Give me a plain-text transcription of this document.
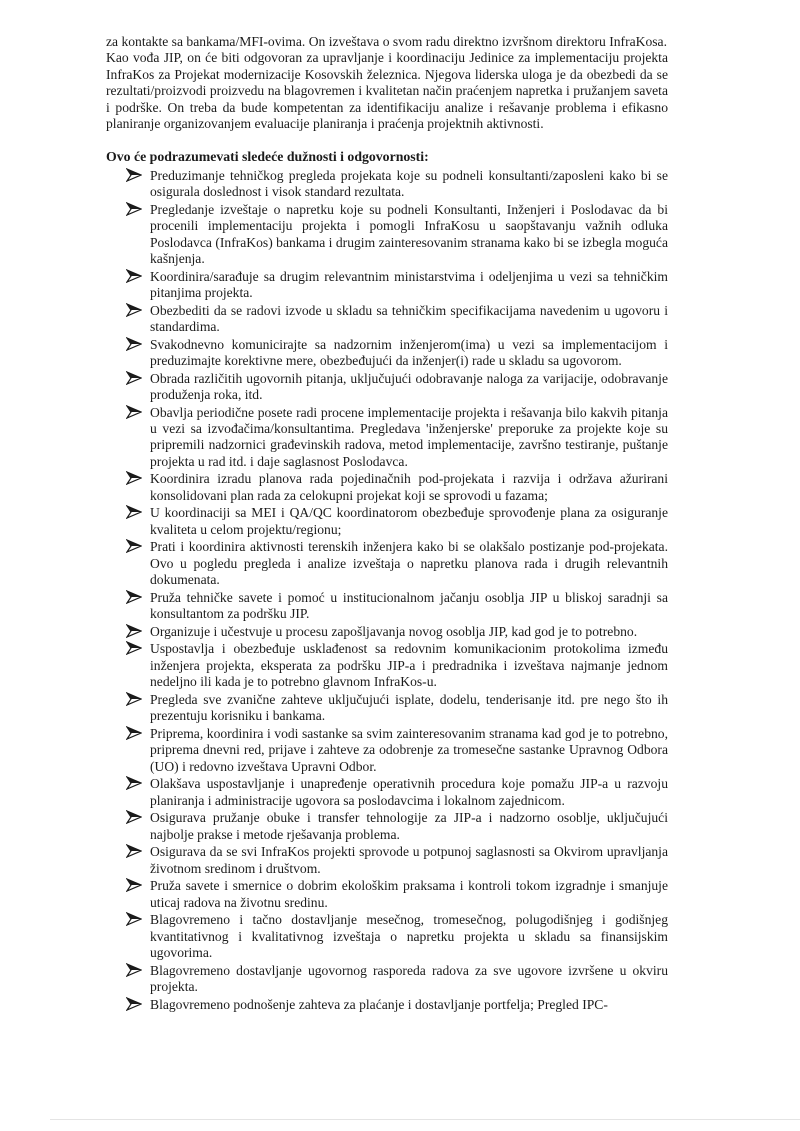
za kontakte sa bankama/MFI-ovima. On izveštava o svom radu direktno izvršnom direktoru InfraKosa.

Kao vođa JIP, on će biti odgovoran za upravljanje i koordinaciju Jedinice za implementaciju projekta InfraKos za Projekat modernizacije Kosovskih železnica. Njegova liderska uloga je da obezbedi da se rezultati/proizvodi proizvedu na blagovremen i kvalitetan način praćenjem napretka i pružanjem saveta i podrške. On treba da bude kompetentan za identifikaciju analize i rešavanje problema i efikasno planiranje organizovanjem evaluacije planiranja i praćenja projektnih aktivnosti.

Ovo će podrazumevati sledeće dužnosti i odgovornosti:

Preduzimanje tehničkog pregleda projekata koje su podneli konsultanti/zaposleni kako bi se osigurala doslednost i visok standard rezultata.
Pregledanje izveštaje o napretku koje su podneli Konsultanti, Inženjeri i Poslodavac da bi procenili implementaciju projekta i pomogli InfraKosu u saopštavanju važnih odluka Poslodavca (InfraKos) bankama i drugim zainteresovanim stranama kako bi se izbegla moguća kašnjenja.
Koordinira/sarađuje sa drugim relevantnim ministarstvima i odeljenjima u vezi sa tehničkim pitanjima projekta.
Obezbediti da se radovi izvode u skladu sa tehničkim specifikacijama navedenim u ugovoru i standardima.
Svakodnevno komunicirajte sa nadzornim inženjerom(ima) u vezi sa implementacijom i preduzimajte korektivne mere, obezbeđujući da inženjer(i) rade u skladu sa ugovorom.
Obrada različitih ugovornih pitanja, uključujući odobravanje naloga za varijacije, odobravanje produženja roka, itd.
Obavlja periodične posete radi procene implementacije projekta i rešavanja bilo kakvih pitanja u vezi sa izvođačima/konsultantima. Pregledava 'inženjerske' preporuke za projekte koje su pripremili nadzornici građevinskih radova, metod implementacije, završno testiranje, puštanje projekta u rad itd. i daje saglasnost Poslodavca.
Koordinira izradu planova rada pojedinačnih pod-projekata i razvija i održava ažurirani konsolidovani plan rada za celokupni projekat koji se sprovodi u fazama;
U koordinaciji sa MEI i QA/QC koordinatorom obezbeđuje sprovođenje plana za osiguranje kvaliteta u celom projektu/regionu;
Prati i koordinira aktivnosti terenskih inženjera kako bi se olakšalo postizanje pod-projekata. Ovo u pogledu pregleda i analize izveštaja o napretku planova rada i drugih relevantnih dokumenata.
Pruža tehničke savete i pomoć u institucionalnom jačanju osoblja JIP u bliskoj saradnji sa konsultantom za podršku JIP.
Organizuje i učestvuje u procesu zapošljavanja novog osoblja JIP, kad god je to potrebno.
Uspostavlja i obezbeđuje usklađenost sa redovnim komunikacionim protokolima između inženjera projekta, eksperata za podršku JIP-a i predradnika i izveštava najmanje jednom nedeljno ili kada je to potrebno glavnom InfraKos-u.
Pregleda sve zvanične zahteve uključujući isplate, dodelu, tenderisanje itd. pre nego što ih prezentuju korisniku i bankama.
Priprema, koordinira i vodi sastanke sa svim zainteresovanim stranama kad god je to potrebno, priprema dnevni red, prijave i zahteve za odobrenje za tromesečne sastanke Upravnog Odbora (UO) i redovno izveštava Upravni Odbor.
Olakšava uspostavljanje i unapređenje operativnih procedura koje pomažu JIP-a u razvoju planiranja i administracije ugovora sa poslodavcima i lokalnom zajednicom.
Osigurava pružanje obuke i transfer tehnologije za JIP-a i nadzorno osoblje, uključujući najbolje prakse i metode rješavanja problema.
Osigurava da se svi InfraKos projekti sprovode u potpunoj saglasnosti sa Okvirom upravljanja životnom sredinom i društvom.
Pruža savete i smernice o dobrim ekološkim praksama i kontroli tokom izgradnje i smanjuje uticaj radova na životnu sredinu.
Blagovremeno i tačno dostavljanje mesečnog, tromesečnog, polugodišnjeg i godišnjeg kvantitativnog i kvalitativnog izveštaja o napretku projekta u skladu sa finansijskim ugovorima.
Blagovremeno dostavljanje ugovornog rasporeda radova za sve ugovore izvršene u okviru projekta.
Blagovremeno podnošenje zahteva za plaćanje i dostavljanje portfelja; Pregled IPC-
